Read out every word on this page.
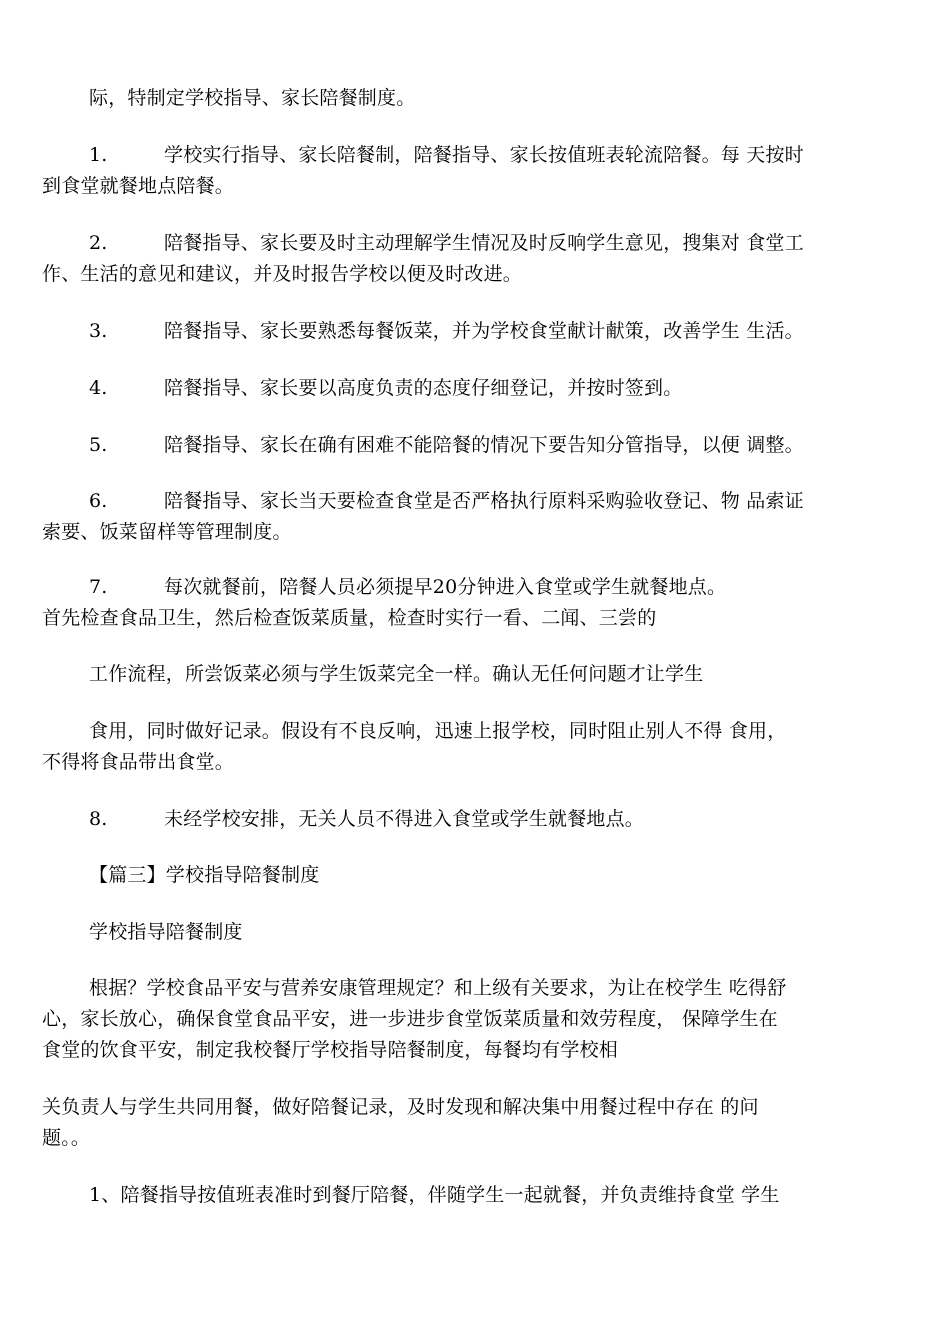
际，特制定学校指导、家长陪餐制度。
1.	学校实行指导、家长陪餐制，陪餐指导、家长按值班表轮流陪餐。每 天按时
到食堂就餐地点陪餐。
2.	陪餐指导、家长要及时主动理解学生情况及时反响学生意见，搜集对 食堂工
作、生活的意见和建议，并及时报告学校以便及时改进。
3.	陪餐指导、家长要熟悉每餐饭菜，并为学校食堂献计献策，改善学生 生活。
4.	陪餐指导、家长要以高度负责的态度仔细登记，并按时签到。
5.	陪餐指导、家长在确有困难不能陪餐的情况下要告知分管指导，以便 调整。
6.	陪餐指导、家长当天要检查食堂是否严格执行原料采购验收登记、物 品索证
索要、饭菜留样等管理制度。
7.	每次就餐前，陪餐人员必须提早20分钟进入食堂或学生就餐地点。
首先检查食品卫生，然后检查饭菜质量，检查时实行一看、二闻、三尝的
工作流程，所尝饭菜必须与学生饭菜完全一样。确认无任何问题才让学生
食用，同时做好记录。假设有不良反响，迅速上报学校，同时阻止别人不得 食用，
不得将食品带出食堂。
8.	未经学校安排，无关人员不得进入食堂或学生就餐地点。
【篇三】学校指导陪餐制度
学校指导陪餐制度
根据？学校食品平安与营养安康管理规定？和上级有关要求，为让在校学生 吃得舒
心，家长放心，确保食堂食品平安，进一步进步食堂饭菜质量和效劳程度， 保障学生在
食堂的饮食平安，制定我校餐厅学校指导陪餐制度，每餐均有学校相
关负责人与学生共同用餐，做好陪餐记录，及时发现和解决集中用餐过程中存在 的问
题。。
1、陪餐指导按值班表准时到餐厅陪餐，伴随学生一起就餐，并负责维持食堂 学生
